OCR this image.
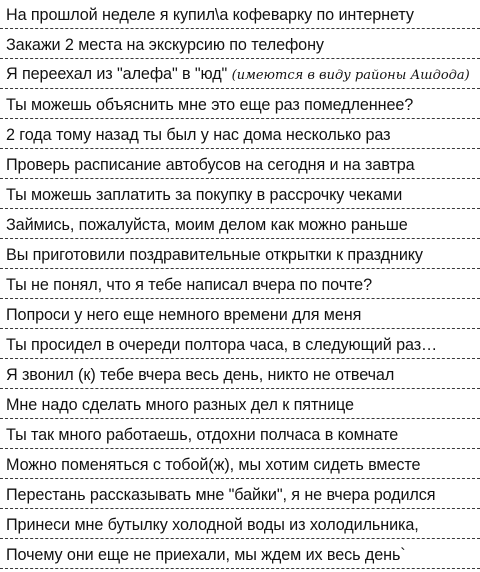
На прошлой неделе я купил\а кофеварку по интернету
Закажи 2 места на экскурсию по телефону
Я переехал из "алефа" в "юд" (имеются в виду районы Ашдода)
Ты можешь объяснить мне это еще раз помедленнее?
2 года тому назад ты был у нас дома несколько раз
Проверь расписание автобусов на сегодня и на завтра
Ты можешь заплатить за покупку в рассрочку чеками
Займись, пожалуйста, моим делом как можно раньше
Вы приготовили поздравительные открытки к празднику
Ты не понял, что я тебе написал вчера по почте?
Попроси у него еще немного времени для меня
Ты просидел в очереди полтора часа, в следующий раз…
Я звонил (к) тебе вчера весь день, никто не отвечал
Мне надо сделать много разных дел к пятнице
Ты так много работаешь, отдохни полчаса в комнате
Можно поменяться с тобой(ж), мы хотим сидеть вместе
Перестань рассказывать мне "байки", я не вчера родился
Принеси мне бутылку холодной воды из холодильника,
Почему они еще не приехали, мы ждем их весь день`
